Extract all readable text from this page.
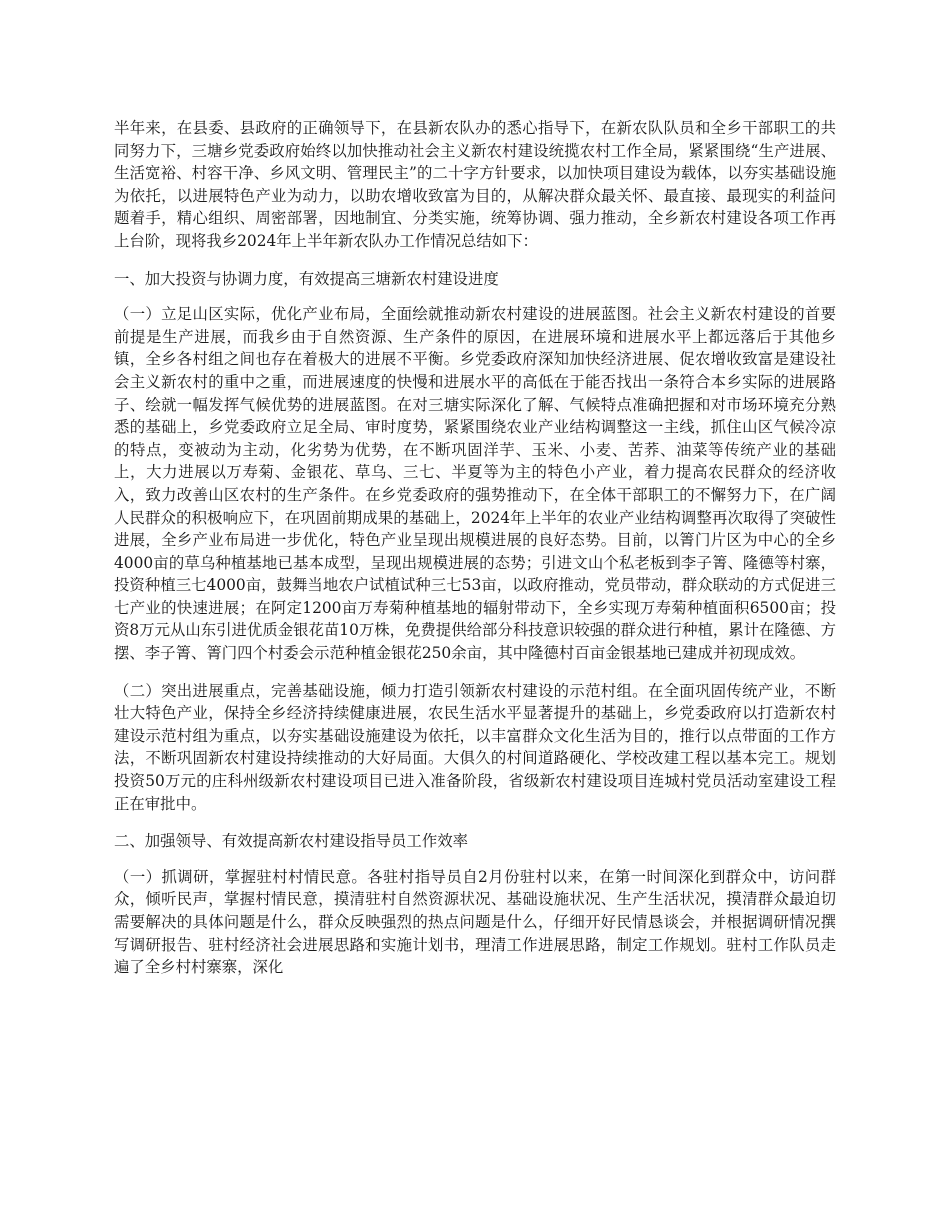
半年来，在县委、县政府的正确领导下，在县新农队办的悉心指导下，在新农队队员和全乡干部职工的共同努力下，三塘乡党委政府始终以加快推动社会主义新农村建设统揽农村工作全局，紧紧围绕“生产进展、生活宽裕、村容干净、乡风文明、管理民主”的二十字方针要求，以加快项目建设为载体，以夯实基础设施为依托，以进展特色产业为动力，以助农增收致富为目的，从解决群众最关怀、最直接、最现实的利益问题着手，精心组织、周密部署，因地制宜、分类实施，统筹协调、强力推动，全乡新农村建设各项工作再上台阶，现将我乡2024年上半年新农队办工作情况总结如下：

一、加大投资与协调力度，有效提高三塘新农村建设进度

（一）立足山区实际，优化产业布局，全面绘就推动新农村建设的进展蓝图。社会主义新农村建设的首要前提是生产进展，而我乡由于自然资源、生产条件的原因，在进展环境和进展水平上都远落后于其他乡镇，全乡各村组之间也存在着极大的进展不平衡。乡党委政府深知加快经济进展、促农增收致富是建设社会主义新农村的重中之重，而进展速度的快慢和进展水平的高低在于能否找出一条符合本乡实际的进展路子、绘就一幅发挥气候优势的进展蓝图。在对三塘实际深化了解、气候特点准确把握和对市场环境充分熟悉的基础上，乡党委政府立足全局、审时度势，紧紧围绕农业产业结构调整这一主线，抓住山区气候冷凉的特点，变被动为主动，化劣势为优势，在不断巩固洋芋、玉米、小麦、苦荞、油菜等传统产业的基础上，大力进展以万寿菊、金银花、草乌、三七、半夏等为主的特色小产业，着力提高农民群众的经济收入，致力改善山区农村的生产条件。在乡党委政府的强势推动下，在全体干部职工的不懈努力下，在广阔人民群众的积极响应下，在巩固前期成果的基础上，2024年上半年的农业产业结构调整再次取得了突破性进展，全乡产业布局进一步优化，特色产业呈现出规模进展的良好态势。目前，以箐门片区为中心的全乡4000亩的草乌种植基地已基本成型，呈现出规模进展的态势；引进文山个私老板到李子箐、隆德等村寨，投资种植三七4000亩，鼓舞当地农户试植试种三七53亩，以政府推动，党员带动，群众联动的方式促进三七产业的快速进展；在阿定1200亩万寿菊种植基地的辐射带动下，全乡实现万寿菊种植面积6500亩；投资8万元从山东引进优质金银花苗10万株，免费提供给部分科技意识较强的群众进行种植，累计在隆德、方摆、李子箐、箐门四个村委会示范种植金银花250余亩，其中隆德村百亩金银基地已建成并初现成效。

（二）突出进展重点，完善基础设施，倾力打造引领新农村建设的示范村组。在全面巩固传统产业，不断壮大特色产业，保持全乡经济持续健康进展，农民生活水平显著提升的基础上，乡党委政府以打造新农村建设示范村组为重点，以夯实基础设施建设为依托，以丰富群众文化生活为目的，推行以点带面的工作方法，不断巩固新农村建设持续推动的大好局面。大俱久的村间道路硬化、学校改建工程以基本完工。规划投资50万元的庄科州级新农村建设项目已进入准备阶段，省级新农村建设项目连城村党员活动室建设工程正在审批中。

二、加强领导、有效提高新农村建设指导员工作效率

（一）抓调研，掌握驻村村情民意。各驻村指导员自2月份驻村以来，在第一时间深化到群众中，访问群众，倾听民声，掌握村情民意，摸清驻村自然资源状况、基础设施状况、生产生活状况，摸清群众最迫切需要解决的具体问题是什么，群众反映强烈的热点问题是什么，仔细开好民情恳谈会，并根据调研情况撰写调研报告、驻村经济社会进展思路和实施计划书，理清工作进展思路，制定工作规划。驻村工作队员走遍了全乡村村寨寨，深化
